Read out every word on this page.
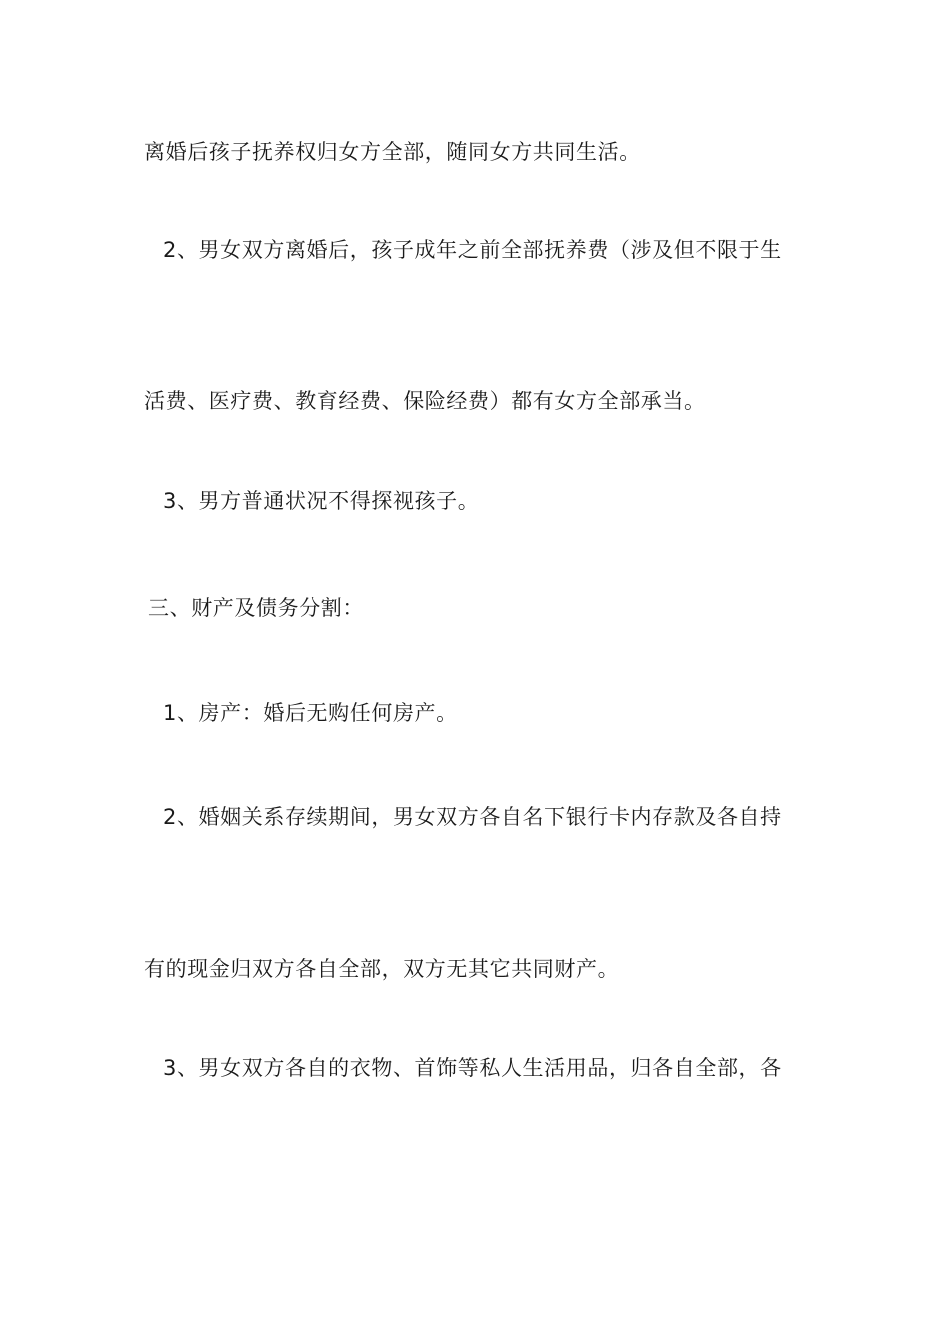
离婚后孩子抚养权归女方全部，随同女方共同生活。
2、男女双方离婚后，孩子成年之前全部抚养费（涉及但不限于生
活费、医疗费、教育经费、保险经费）都有女方全部承当。
3、男方普通状况不得探视孩子。
三、财产及债务分割：
1、房产：婚后无购任何房产。
2、婚姻关系存续期间，男女双方各自名下银行卡内存款及各自持
有的现金归双方各自全部，双方无其它共同财产。
3、男女双方各自的衣物、首饰等私人生活用品，归各自全部，各
